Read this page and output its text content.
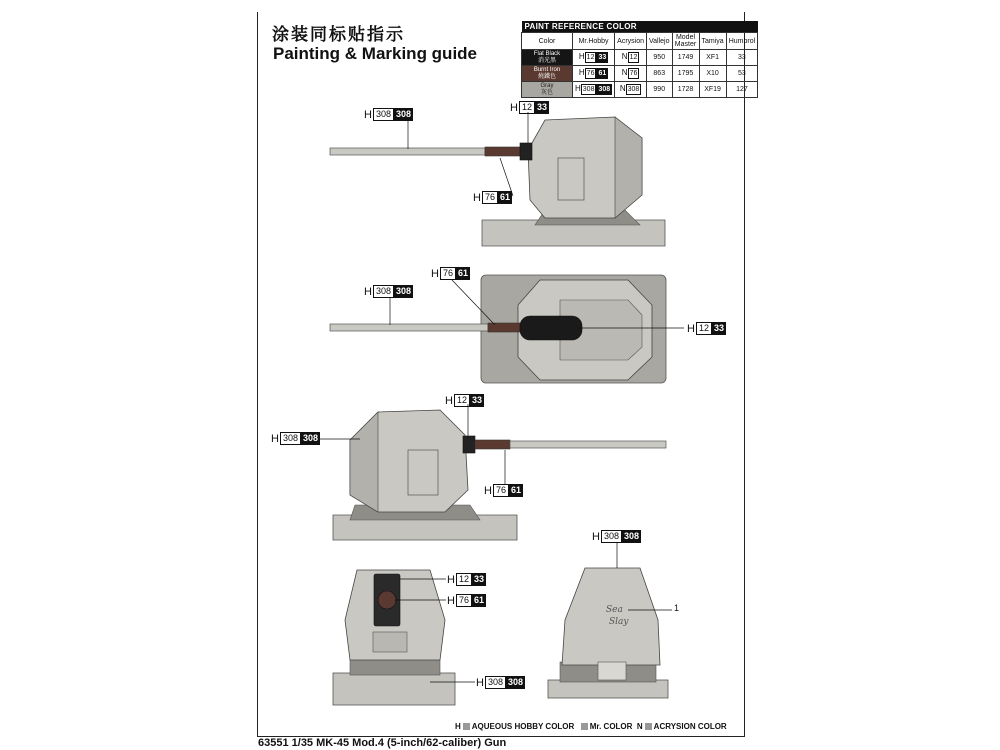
涂装同标贴指示
Painting & Marking guide
PAINT REFERENCE COLOR						
Color	Mr.Hobby	Acrysion	Vallejo	Model Master	Tamiya	Humbrol

Flat Black
消光黑	H 12 33	N 12	950	1749	XF1	33

Burnt Iron
燒鐵色	H 76 61	N 76	863	1795	X10	53

Gray
灰色	H 308 308	N 308	990	1728	XF19	127
Sea
Slay
H 308 308
H 12 33
H 76 61
H 76 61
H 308 308
H 12 33
H 12 33
H 308 308
H 76 61
H 308 308
H 12 33
H 76 61
H 308 308
1
H AQUEOUS HOBBY COLOR Mr. COLOR N ACRYSION COLOR
63551 1/35 MK-45 Mod.4 (5-inch/62-caliber) Gun
